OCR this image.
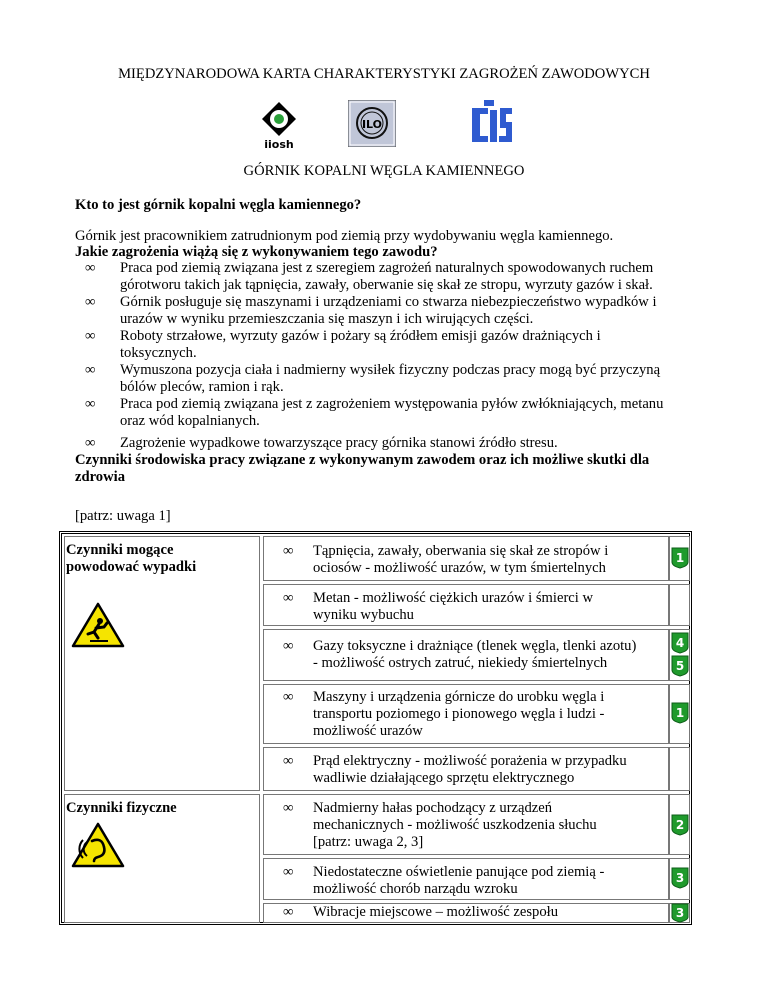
MIĘDZYNARODOWA KARTA CHARAKTERYSTYKI ZAGROŻEŃ ZAWODOWYCH
iiosh
ILO
GÓRNIK KOPALNI WĘGLA KAMIENNEGO
Kto to jest górnik kopalni węgla kamiennego?
Górnik jest pracownikiem zatrudnionym pod ziemią przy wydobywaniu węgla kamiennego.
Jakie zagrożenia wiążą się z wykonywaniem tego zawodu?
∞ Praca pod ziemią związana jest z szeregiem zagrożeń naturalnych spowodowanych ruchem
górotworu takich jak tąpnięcia, zawały, oberwanie się skał ze stropu, wyrzuty gazów i skał.
∞ Górnik posługuje się maszynami i urządzeniami co stwarza niebezpieczeństwo wypadków i
urazów w wyniku przemieszczania się maszyn i ich wirujących części.
∞ Roboty strzałowe, wyrzuty gazów i pożary są źródłem emisji gazów drażniących i
toksycznych.
∞ Wymuszona pozycja ciała i nadmierny wysiłek fizyczny podczas pracy mogą być przyczyną
bólów pleców, ramion i rąk.
∞ Praca pod ziemią związana jest z zagrożeniem występowania pyłów zwłókniających, metanu
oraz wód kopalnianych.
∞ Zagrożenie wypadkowe towarzyszące pracy górnika stanowi źródło stresu.
Czynniki środowiska pracy związane z wykonywanym zawodem oraz ich możliwe skutki dla zdrowia
[patrz: uwaga 1]
Czynniki mogące
powodować wypadki
Czynniki fizyczne
∞ Tąpnięcia, zawały, oberwania się skał ze stropów i
ociosów - możliwość urazów, w tym śmiertelnych
∞ Metan - możliwość ciężkich urazów i śmierci w
wyniku wybuchu
∞ Gazy toksyczne i drażniące (tlenek węgla, tlenki azotu)
- możliwość ostrych zatruć, niekiedy śmiertelnych
∞ Maszyny i urządzenia górnicze do urobku węgla i
transportu poziomego i pionowego węgla i ludzi -
możliwość urazów
∞ Prąd elektryczny - możliwość porażenia w przypadku
wadliwie działającego sprzętu elektrycznego
∞ Nadmierny hałas pochodzący z urządzeń
mechanicznych - możliwość uszkodzenia słuchu
[patrz: uwaga 2, 3]
∞ Niedostateczne oświetlenie panujące pod ziemią -
możliwość chorób narządu wzroku
∞ Wibracje miejscowe – możliwość zespołu
1
4
5
1
2
3
3
